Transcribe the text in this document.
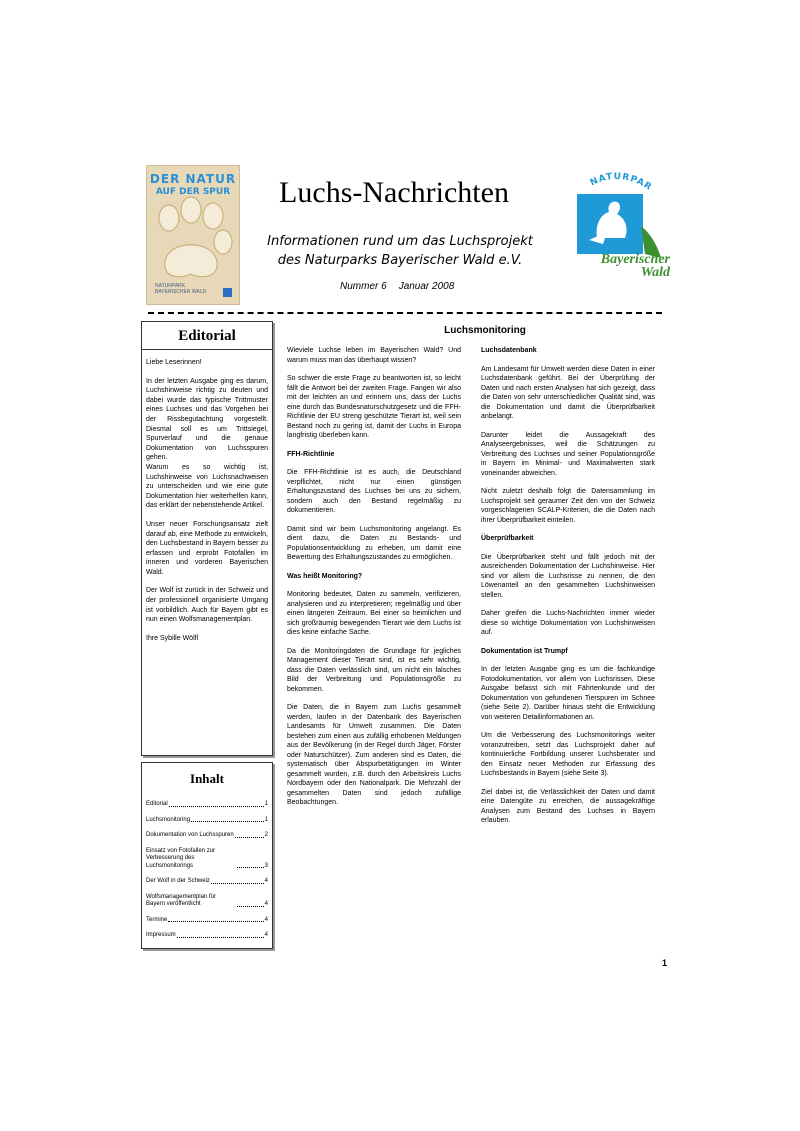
DER NATUR
AUF DER SPUR
NATURPARK BAYERISCHER WALD
Luchs-Nachrichten
Informationen rund um das Luchsprojekt
des Naturparks Bayerischer Wald e.V.
Nummer 6 Januar 2008
NATURPAR
Bayerischer
Wald
Editorial

Liebe Leserinnen!

In der letzten Ausgabe ging es darum, Luchshinweise richtig zu deuten und dabei wurde das typische Trittmuster eines Luchses und das Vorgehen bei der Rissbegutachtung vorgestellt. Diesmal soll es um Trittsiegel, Spurverlauf und die genaue Dokumentation von Luchsspuren gehen.

Warum es so wichtig ist, Luchshinweise von Luchsnachweisen zu unterscheiden und wie eine gute Dokumentation hier weiterhelfen kann, das erklärt der nebenstehende Artikel.

Unser neuer Forschungsansatz zielt darauf ab, eine Methode zu entwickeln, den Luchsbestand in Bayern besser zu erfassen und erprobt Fotofallen im inneren und vorderen Bayerischen Wald.

Der Wolf ist zurück in der Schweiz und der professionell organisierte Umgang ist vorbildlich. Auch für Bayern gibt es nun einen Wolfsmanagementplan.

Ihre Sybille Wölfl

Inhalt
Editorial	1
Luchsmonitoring	1
Dokumentation von Luchsspuren	2
Einsatz von Fotofallen zur Verbesserung des Luchsmonitorings	3
Der Wolf in der Schweiz	4
Wolfsmanagementplan für Bayern veröffentlicht	4
Termine	4
Impressum	4
Luchsmonitoring

Wieviele Luchse leben im Bayerischen Wald? Und warum muss man das überhaupt wissen?

So schwer die erste Frage zu beantworten ist, so leicht fällt die Antwort bei der zweiten Frage. Fangen wir also mit der leichten an und erinnern uns, dass der Luchs eine durch das Bundesnaturschutzgesetz und die FFH-Richtlinie der EU streng geschützte Tierart ist, weil sein Bestand noch zu gering ist, damit der Luchs in Europa langfristig überleben kann.

FFH-Richtlinie

Die FFH-Richtlinie ist es auch, die Deutschland verpflichtet, nicht nur einen günstigen Erhaltungszustand des Luchses bei uns zu sichern, sondern auch den Bestand regelmäßig zu dokumentieren.

Damit sind wir beim Luchsmonitoring angelangt. Es dient dazu, die Daten zu Bestands- und Populationsentwicklung zu erheben, um damit eine Bewertung des Erhaltungszustandes zu ermöglichen.

Was heißt Monitoring?

Monitoring bedeutet, Daten zu sammeln, verifizieren, analysieren und zu interpretieren; regelmäßig und über einen längeren Zeitraum. Bei einer so heimlichen und sich großräumig bewegenden Tierart wie dem Luchs ist dies keine einfache Sache.

Da die Monitoringdaten die Grundlage für jegliches Management dieser Tierart sind, ist es sehr wichtig, dass die Daten verlässlich sind, um nicht ein falsches Bild der Verbreitung und Populationsgröße zu bekommen.

Die Daten, die in Bayern zum Luchs gesammelt werden, laufen in der Datenbank des Bayerischen Landesamts für Umwelt zusammen. Die Daten bestehen zum einen aus zufällig erhobenen Meldungen aus der Bevölkerung (in der Regel durch Jäger, Förster oder Naturschützer). Zum anderen sind es Daten, die systematisch über Abspurbetätigungen im Winter gesammelt wurden, z.B. durch den Arbeitskreis Luchs Nordbayern oder den Nationalpark. Die Mehrzahl der gesammelten Daten sind jedoch zufällige Beobachtungen.

Luchsdatenbank

Am Landesamt für Umwelt werden diese Daten in einer Luchsdatenbank geführt. Bei der Überprüfung der Daten und nach ersten Analysen hat sich gezeigt, dass die Daten von sehr unterschiedlicher Qualität sind, was die Dokumentation und damit die Überprüfbarkeit anbelangt.

Darunter leidet die Aussagekraft des Analyseergebnisses, weil die Schätzungen zu Verbreitung des Luchses und seiner Populationsgröße in Bayern im Minimal- und Maximalwerten stark voneinander abweichen.

Nicht zuletzt deshalb folgt die Datensammlung im Luchsprojekt seit geraumer Zeit den von der Schweiz vorgeschlagenen SCALP-Kriterien, die die Daten nach ihrer Überprüfbarkeit einteilen.

Überprüfbarkeit

Die Überprüfbarkeit steht und fällt jedoch mit der ausreichenden Dokumentation der Luchshinweise. Hier sind vor allem die Luchsrisse zu nennen, die den Löwenanteil an den gesammelten Luchshinweisen stellen.

Daher greifen die Luchs-Nachrichten immer wieder diese so wichtige Dokumentation von Luchshinweisen auf.

Dokumentation ist Trumpf

In der letzten Ausgabe ging es um die fachkundige Fotodokumentation, vor allem von Luchsrissen. Diese Ausgabe befasst sich mit Fährtenkunde und der Dokumentation von gefundenen Tierspuren im Schnee (siehe Seite 2). Darüber hinaus steht die Entwicklung von weiteren Detailinformationen an.

Um die Verbesserung des Luchsmonitorings weiter voranzutreiben, setzt das Luchsprojekt daher auf kontinuierliche Fortbildung unserer Luchsberater und den Einsatz neuer Methoden zur Erfassung des Luchsbestands in Bayern (siehe Seite 3).

Ziel dabei ist, die Verlässlichkeit der Daten und damit eine Datengüte zu erreichen, die aussagekräftige Analysen zum Bestand des Luchses in Bayern erlauben.

1
